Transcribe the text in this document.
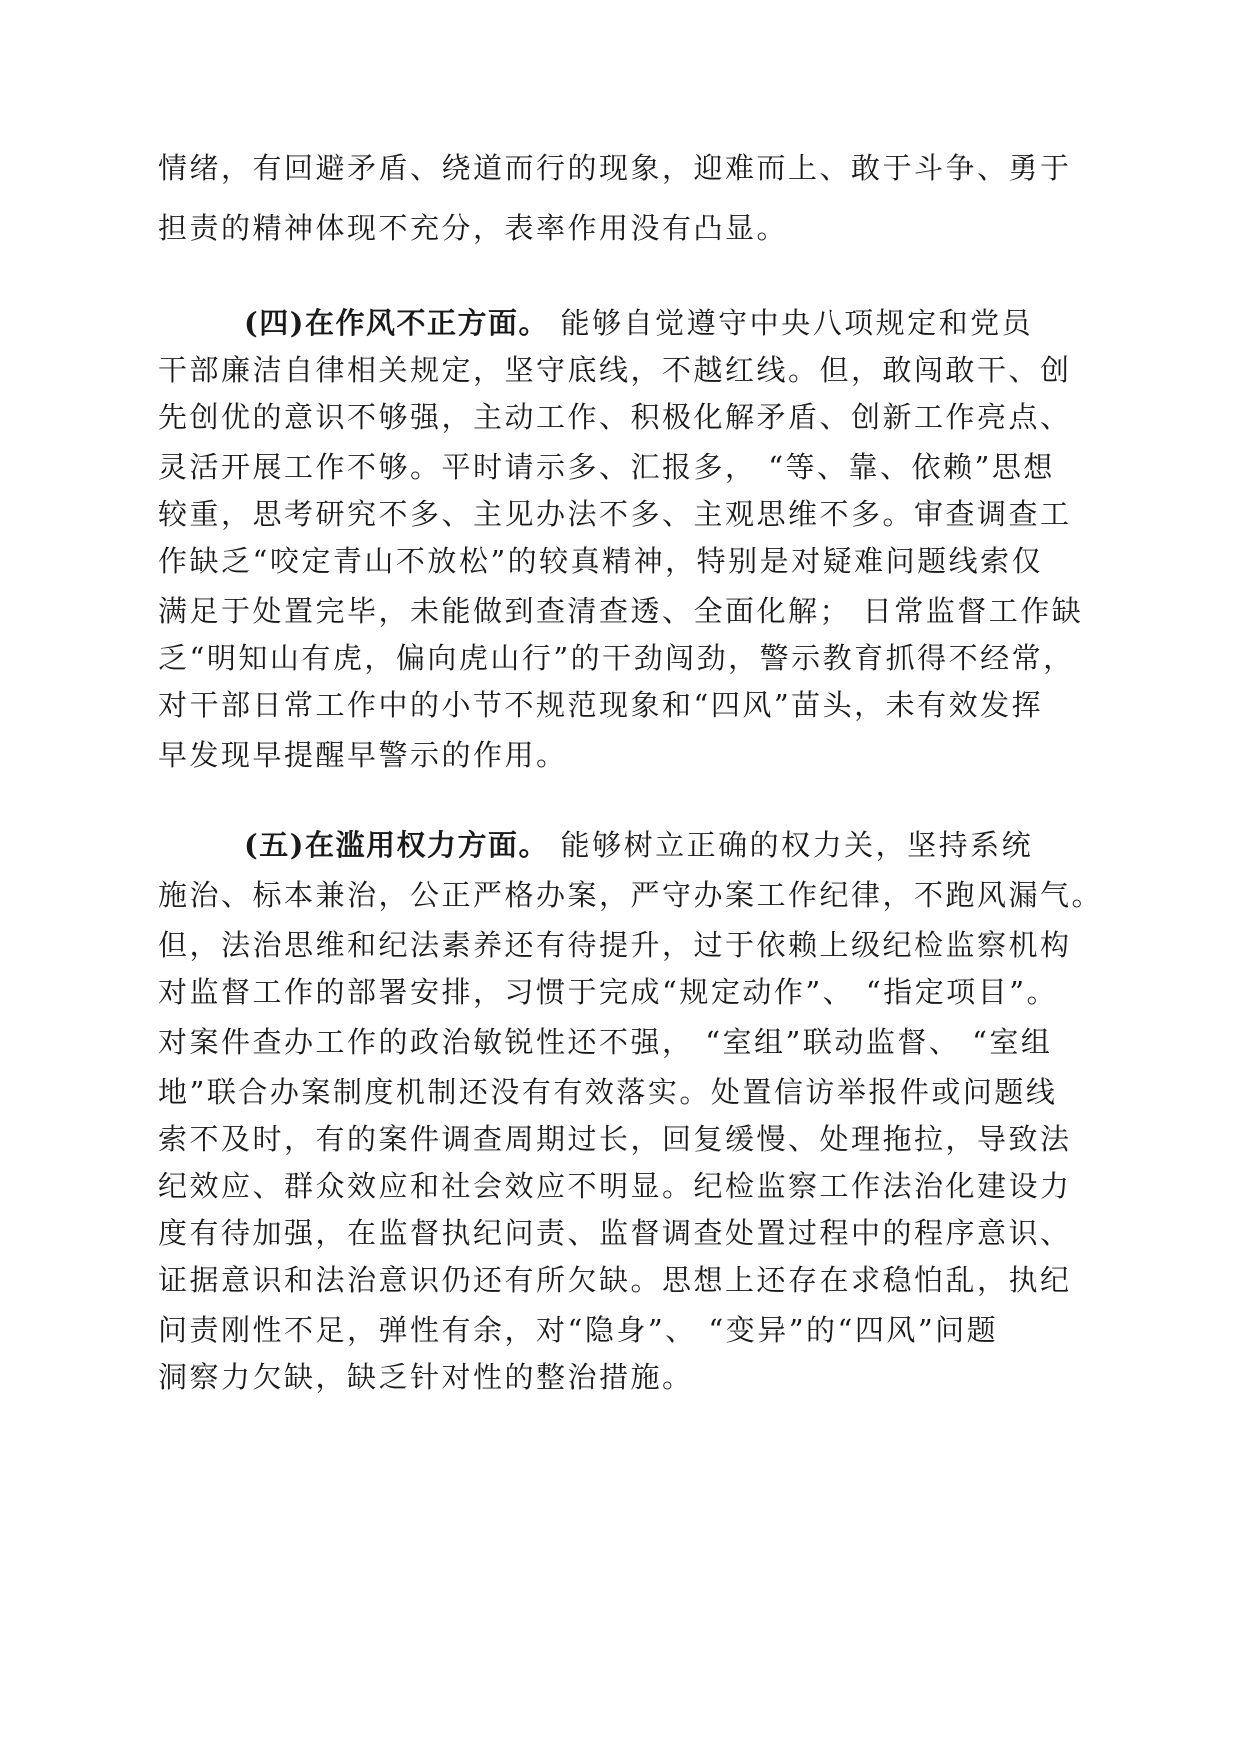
情绪，有回避矛盾、绕道而行的现象，迎难而上、敢于斗争、勇于

担责的精神体现不充分，表率作用没有凸显。

(四)在作风不正方面。 能够自觉遵守中央八项规定和党员

干部廉洁自律相关规定，坚守底线，不越红线。但，敢闯敢干、创

先创优的意识不够强，主动工作、积极化解矛盾、创新工作亮点、

灵活开展工作不够。平时请示多、汇报多， “等、靠、依赖”思想

较重，思考研究不多、主见办法不多、主观思维不多。审查调查工

作缺乏“咬定青山不放松”的较真精神，特别是对疑难问题线索仅

满足于处置完毕，未能做到查清查透、全面化解； 日常监督工作缺

乏“明知山有虎，偏向虎山行”的干劲闯劲，警示教育抓得不经常，

对干部日常工作中的小节不规范现象和“四风”苗头，未有效发挥

早发现早提醒早警示的作用。

(五)在滥用权力方面。 能够树立正确的权力关，坚持系统

施治、标本兼治，公正严格办案，严守办案工作纪律，不跑风漏气。

但，法治思维和纪法素养还有待提升，过于依赖上级纪检监察机构

对监督工作的部署安排，习惯于完成“规定动作”、 “指定项目”。

对案件查办工作的政治敏锐性还不强， “室组”联动监督、 “室组

地”联合办案制度机制还没有有效落实。处置信访举报件或问题线

索不及时，有的案件调查周期过长，回复缓慢、处理拖拉，导致法

纪效应、群众效应和社会效应不明显。纪检监察工作法治化建设力

度有待加强，在监督执纪问责、监督调查处置过程中的程序意识、

证据意识和法治意识仍还有所欠缺。思想上还存在求稳怕乱，执纪

问责刚性不足，弹性有余，对“隐身”、 “变异”的“四风”问题

洞察力欠缺，缺乏针对性的整治措施。
